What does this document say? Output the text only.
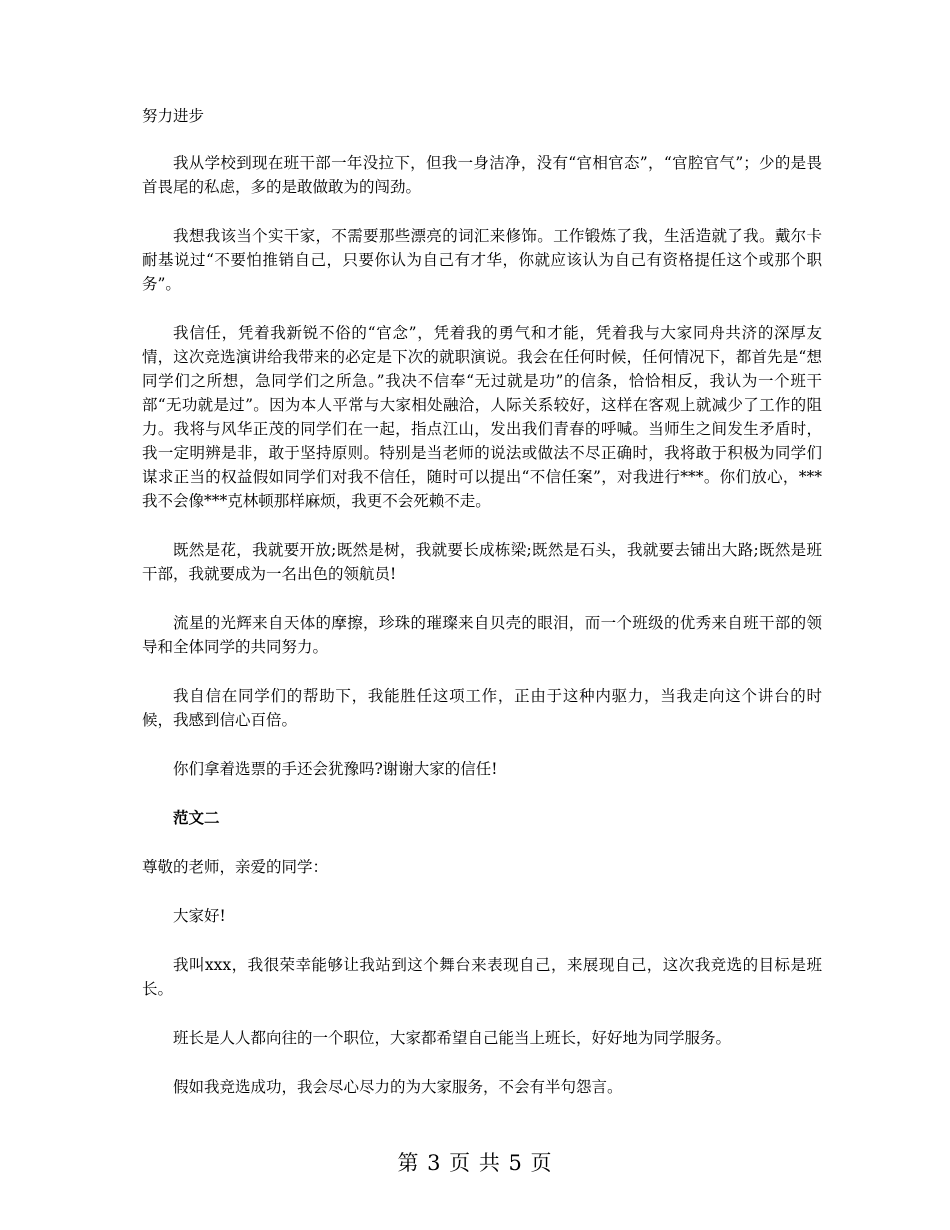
努力进步

我从学校到现在班干部一年没拉下，但我一身洁净，没有“官相官态”，“官腔官气”；少的是畏首畏尾的私虑，多的是敢做敢为的闯劲。

我想我该当个实干家，不需要那些漂亮的词汇来修饰。工作锻炼了我，生活造就了我。戴尔卡耐基说过“不要怕推销自己，只要你认为自己有才华，你就应该认为自己有资格提任这个或那个职务”。

我信任，凭着我新锐不俗的“官念”，凭着我的勇气和才能，凭着我与大家同舟共济的深厚友情，这次竞选演讲给我带来的必定是下次的就职演说。我会在任何时候，任何情况下，都首先是“想同学们之所想，急同学们之所急。”我决不信奉“无过就是功”的信条，恰恰相反，我认为一个班干部“无功就是过”。因为本人平常与大家相处融洽，人际关系较好，这样在客观上就减少了工作的阻力。我将与风华正茂的同学们在一起，指点江山，发出我们青春的呼喊。当师生之间发生矛盾时，我一定明辨是非，敢于坚持原则。特别是当老师的说法或做法不尽正确时，我将敢于积极为同学们谋求正当的权益假如同学们对我不信任，随时可以提出“不信任案”，对我进行***。你们放心，***我不会像***克林顿那样麻烦，我更不会死赖不走。

既然是花，我就要开放;既然是树，我就要长成栋梁;既然是石头，我就要去铺出大路;既然是班干部，我就要成为一名出色的领航员!

流星的光辉来自天体的摩擦，珍珠的璀璨来自贝壳的眼泪，而一个班级的优秀来自班干部的领导和全体同学的共同努力。

我自信在同学们的帮助下，我能胜任这项工作，正由于这种内驱力，当我走向这个讲台的时候，我感到信心百倍。

你们拿着选票的手还会犹豫吗?谢谢大家的信任!

范文二

尊敬的老师，亲爱的同学：

大家好!

我叫xxx，我很荣幸能够让我站到这个舞台来表现自己，来展现自己，这次我竞选的目标是班长。

班长是人人都向往的一个职位，大家都希望自己能当上班长，好好地为同学服务。

假如我竞选成功，我会尽心尽力的为大家服务，不会有半句怨言。

第 3 页 共 5 页
